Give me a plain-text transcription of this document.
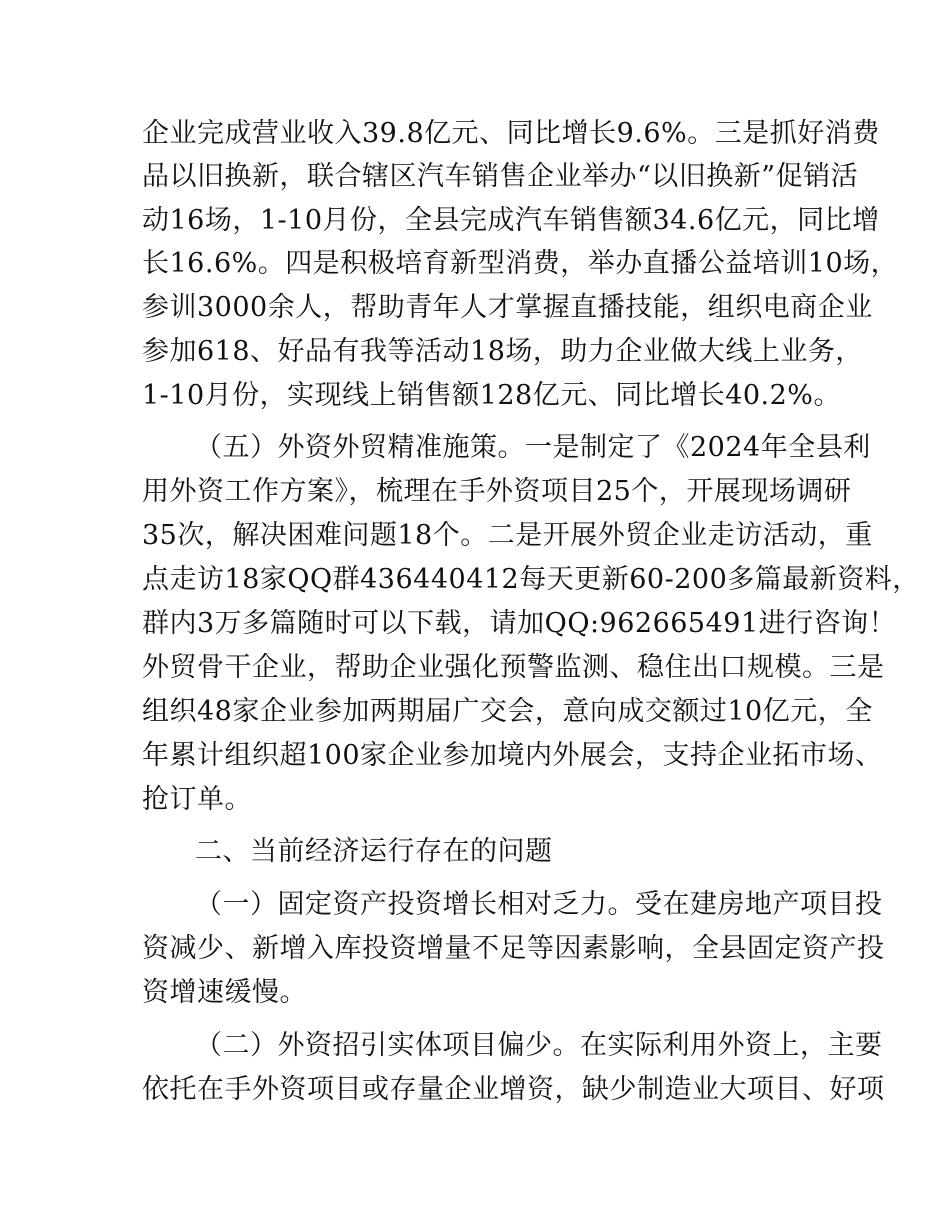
企业完成营业收入39.8亿元、同比增长9.6%。三是抓好消费
品以旧换新，联合辖区汽车销售企业举办“以旧换新”促销活
动16场，1-10月份，全县完成汽车销售额34.6亿元，同比增
长16.6%。四是积极培育新型消费，举办直播公益培训10场，
参训3000余人，帮助青年人才掌握直播技能，组织电商企业
参加618、好品有我等活动18场，助力企业做大线上业务，
1-10月份，实现线上销售额128亿元、同比增长40.2%。
（五）外资外贸精准施策。一是制定了《2024年全县利
用外资工作方案》，梳理在手外资项目25个，开展现场调研
35次，解决困难问题18个。二是开展外贸企业走访活动，重
点走访18家QQ群436440412每天更新60-200多篇最新资料，
群内3万多篇随时可以下载，请加QQ:962665491进行咨询！
外贸骨干企业，帮助企业强化预警监测、稳住出口规模。三是
组织48家企业参加两期届广交会，意向成交额过10亿元，全
年累计组织超100家企业参加境内外展会，支持企业拓市场、
抢订单。
二、当前经济运行存在的问题
（一）固定资产投资增长相对乏力。受在建房地产项目投
资减少、新增入库投资增量不足等因素影响，全县固定资产投
资增速缓慢。
（二）外资招引实体项目偏少。在实际利用外资上，主要
依托在手外资项目或存量企业增资，缺少制造业大项目、好项
